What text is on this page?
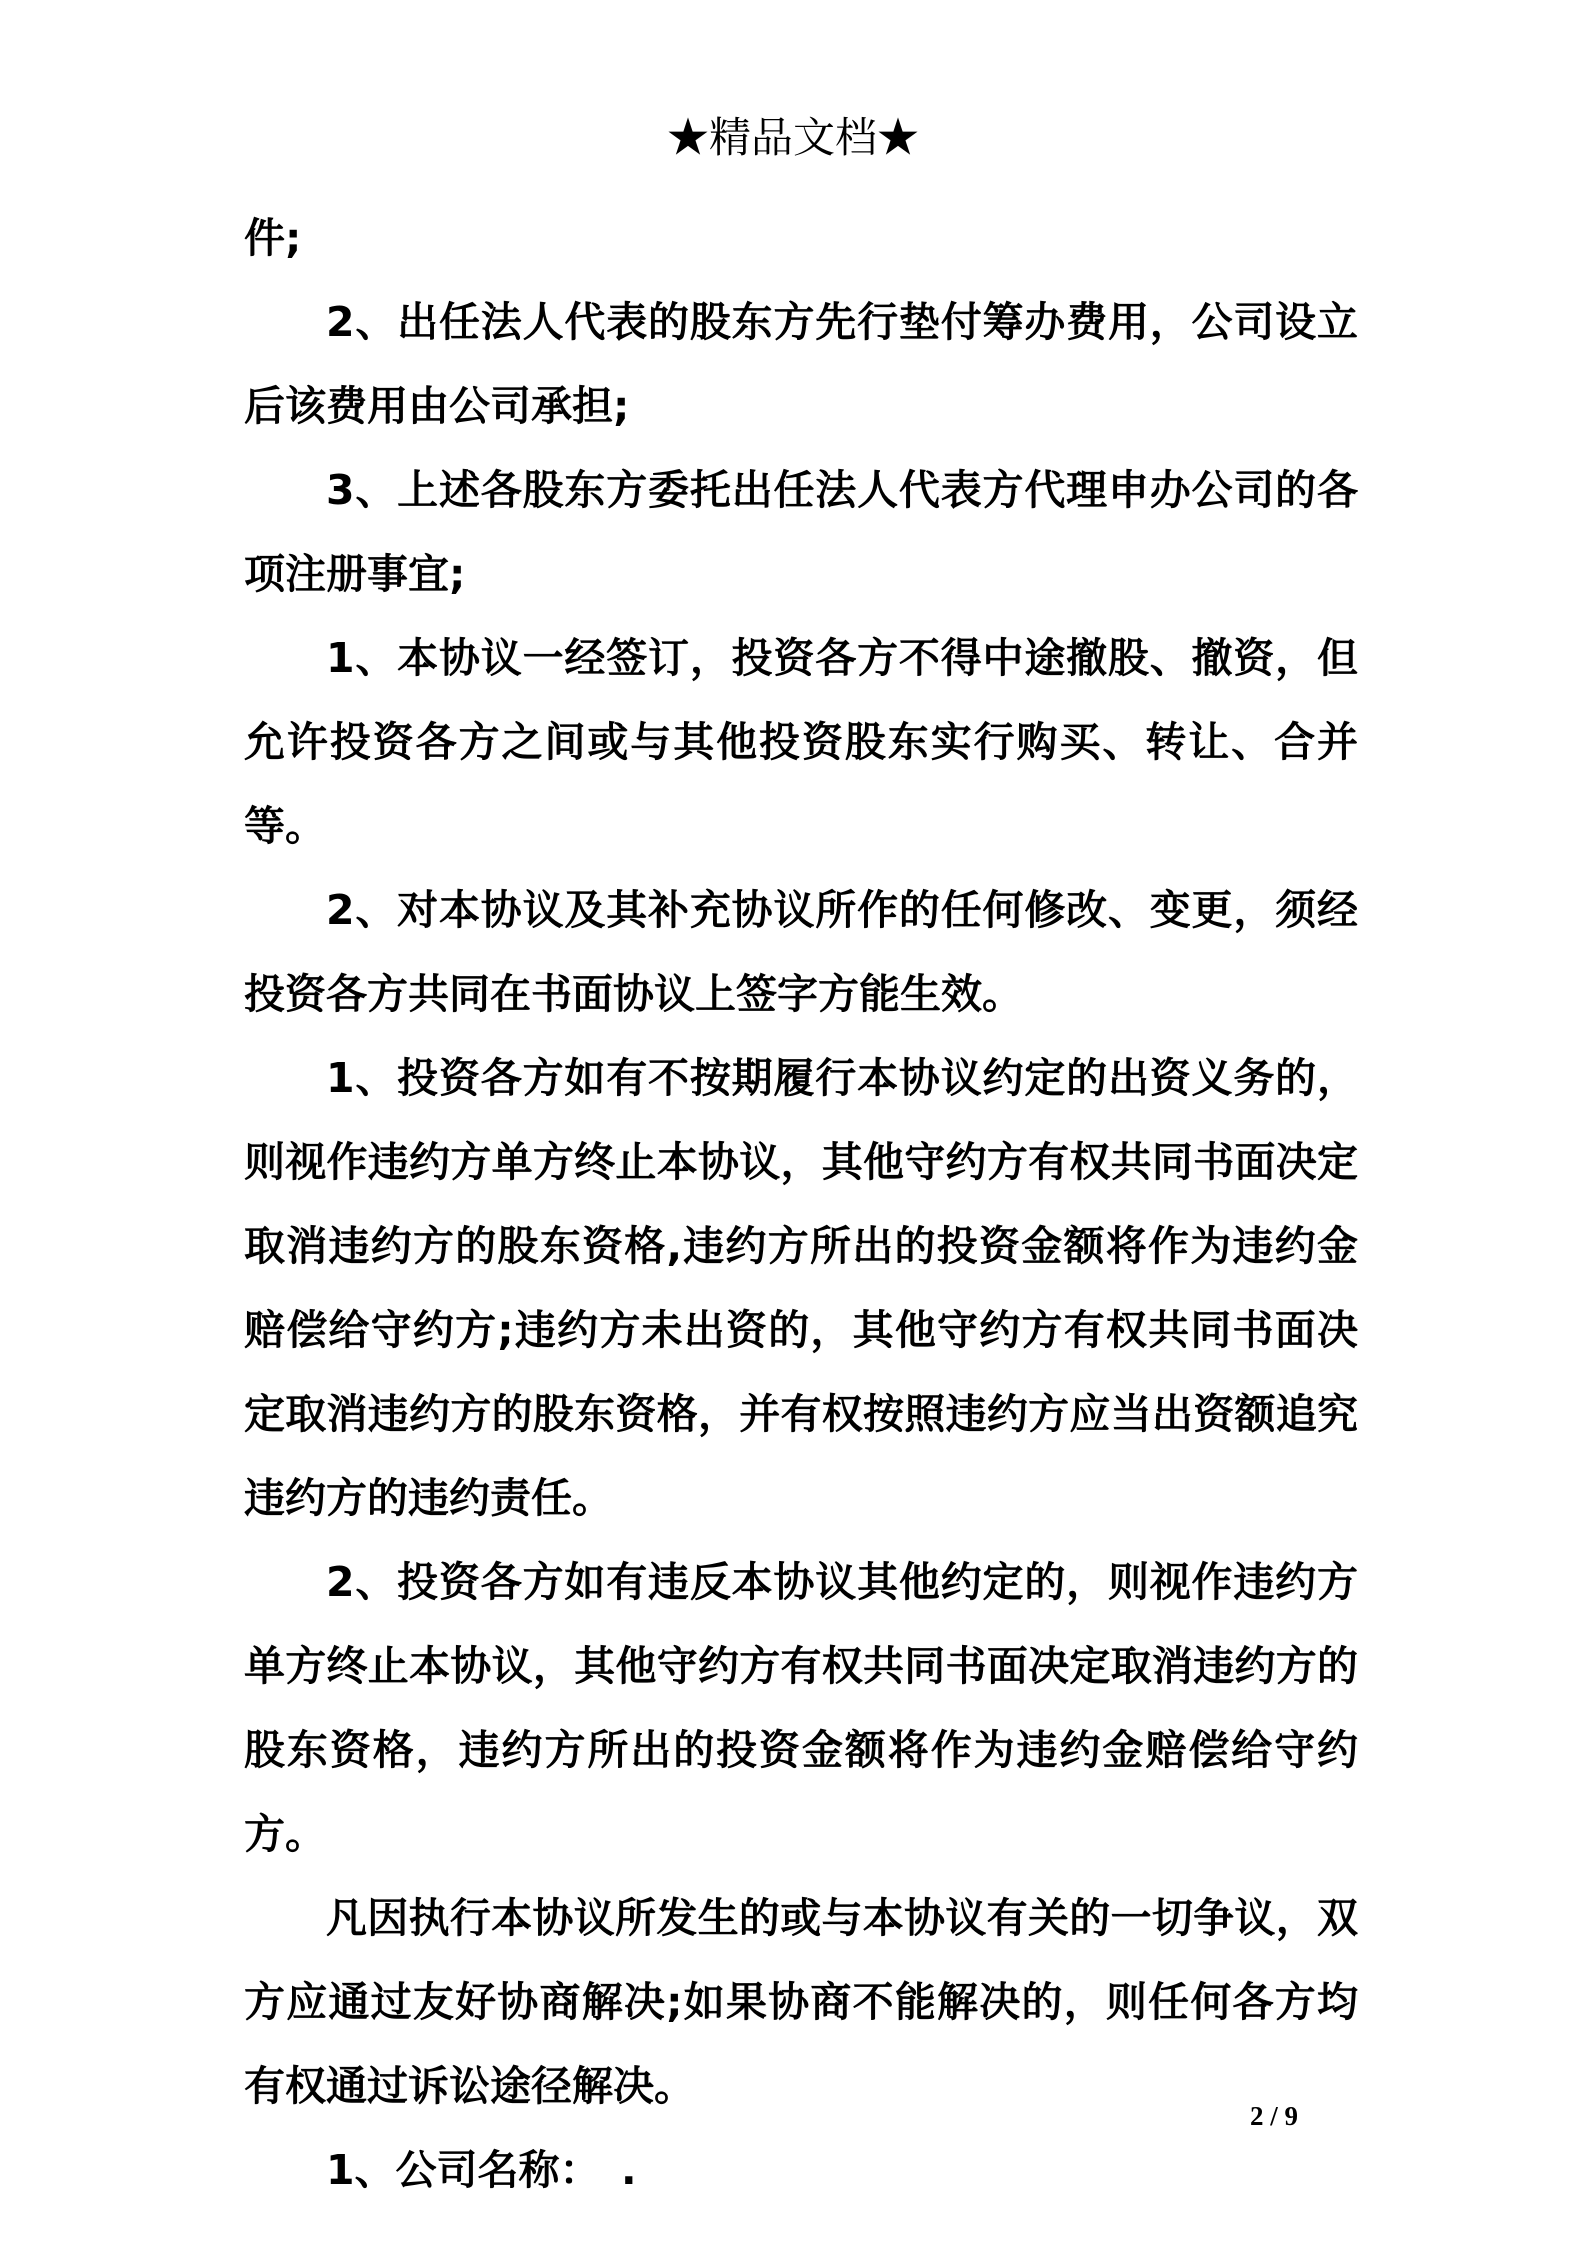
★精品文档★

件;

2、出任法人代表的股东方先行垫付筹办费用，公司设立后该费用由公司承担;

3、上述各股东方委托出任法人代表方代理申办公司的各项注册事宜;

1、本协议一经签订，投资各方不得中途撤股、撤资，但允许投资各方之间或与其他投资股东实行购买、转让、合并等。

2、对本协议及其补充协议所作的任何修改、变更，须经投资各方共同在书面协议上签字方能生效。

1、投资各方如有不按期履行本协议约定的出资义务的，则视作违约方单方终止本协议，其他守约方有权共同书面决定取消违约方的股东资格,违约方所出的投资金额将作为违约金赔偿给守约方;违约方未出资的，其他守约方有权共同书面决定取消违约方的股东资格，并有权按照违约方应当出资额追究违约方的违约责任。

2、投资各方如有违反本协议其他约定的，则视作违约方单方终止本协议，其他守约方有权共同书面决定取消违约方的股东资格，违约方所出的投资金额将作为违约金赔偿给守约方。

凡因执行本协议所发生的或与本协议有关的一切争议，双方应通过友好协商解决;如果协商不能解决的，则任何各方均有权通过诉讼途径解决。

1、公司名称：　.

2 / 9
